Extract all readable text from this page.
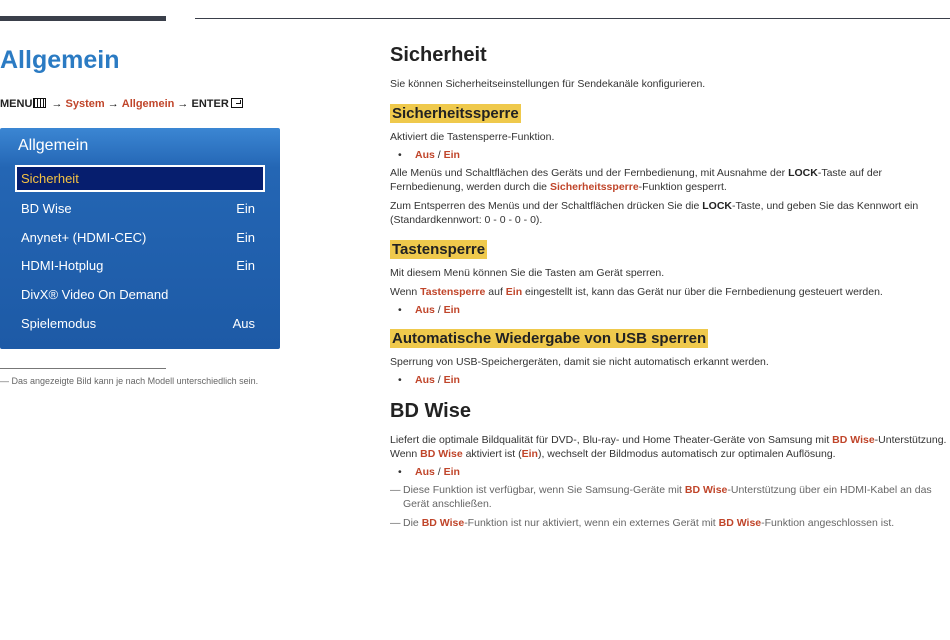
Allgemein
MENU → System → Allgemein → ENTER
Allgemein
Sicherheit
BD Wise	Ein
Anynet+ (HDMI-CEC)	Ein
HDMI-Hotplug	Ein
DivX® Video On Demand
Spielemodus	Aus
― Das angezeigte Bild kann je nach Modell unterschiedlich sein.
Sicherheit
Sie können Sicherheitseinstellungen für Sendekanäle konfigurieren.
Sicherheitssperre
Aktiviert die Tastensperre-Funktion.
• Aus / Ein
Alle Menüs und Schaltflächen des Geräts und der Fernbedienung, mit Ausnahme der LOCK-Taste auf der Fernbedienung, werden durch die Sicherheitssperre-Funktion gesperrt.
Zum Entsperren des Menüs und der Schaltflächen drücken Sie die LOCK-Taste, und geben Sie das Kennwort ein (Standardkennwort: 0 - 0 - 0 - 0).
Tastensperre
Mit diesem Menü können Sie die Tasten am Gerät sperren.
Wenn Tastensperre auf Ein eingestellt ist, kann das Gerät nur über die Fernbedienung gesteuert werden.
• Aus / Ein
Automatische Wiedergabe von USB sperren
Sperrung von USB-Speichergeräten, damit sie nicht automatisch erkannt werden.
• Aus / Ein
BD Wise
Liefert die optimale Bildqualität für DVD-, Blu-ray- und Home Theater-Geräte von Samsung mit BD Wise-Unterstützung. Wenn BD Wise aktiviert ist (Ein), wechselt der Bildmodus automatisch zur optimalen Auflösung.
• Aus / Ein
― Diese Funktion ist verfügbar, wenn Sie Samsung-Geräte mit BD Wise-Unterstützung über ein HDMI-Kabel an das Gerät anschließen.
― Die BD Wise-Funktion ist nur aktiviert, wenn ein externes Gerät mit BD Wise-Funktion angeschlossen ist.
